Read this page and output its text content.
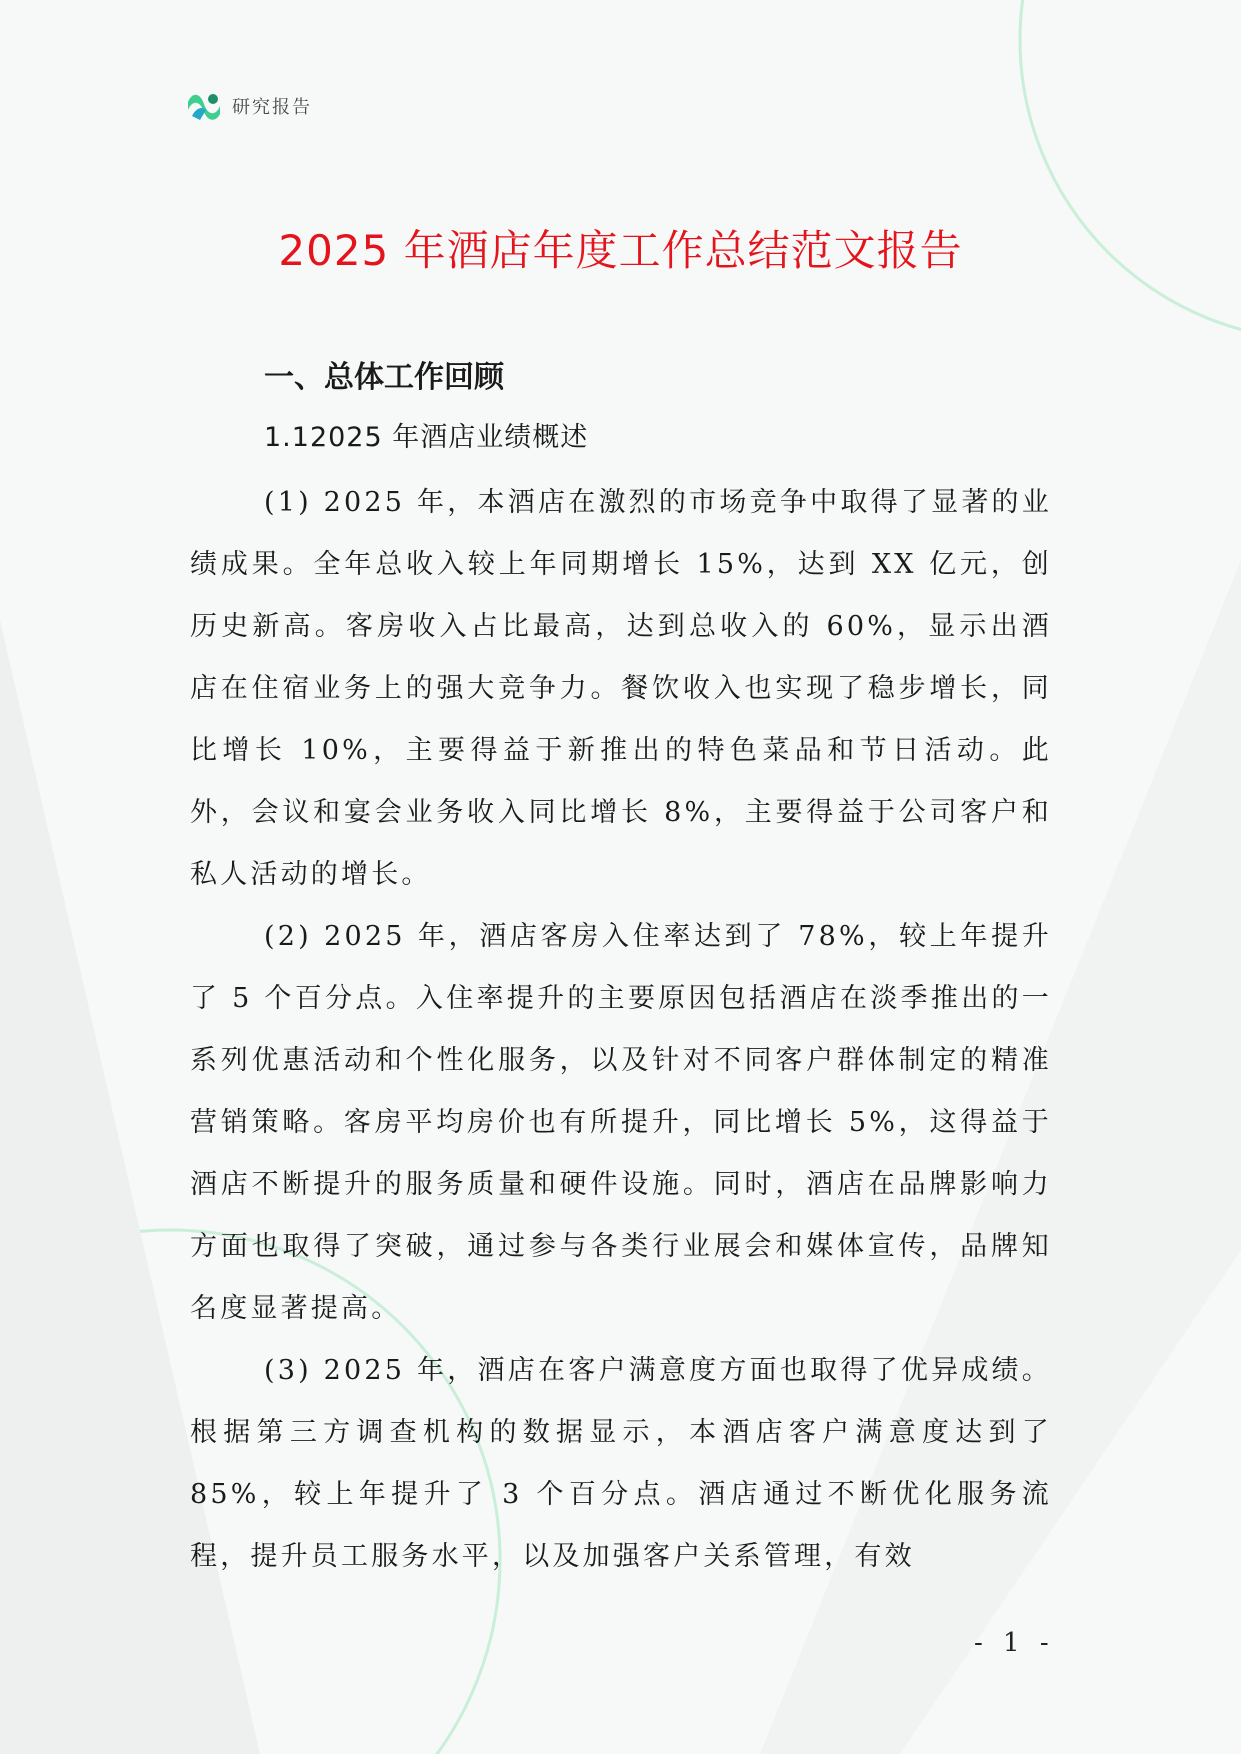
研究报告
2025 年酒店年度工作总结范文报告
一、总体工作回顾
1.12025 年酒店业绩概述

(1) 2025 年，本酒店在激烈的市场竞争中取得了显著的业绩成果。全年总收入较上年同期增长 15%，达到 XX 亿元，创历史新高。客房收入占比最高，达到总收入的 60%，显示出酒店在住宿业务上的强大竞争力。餐饮收入也实现了稳步增长，同比增长 10%，主要得益于新推出的特色菜品和节日活动。此外，会议和宴会业务收入同比增长 8%，主要得益于公司客户和私人活动的增长。

(2) 2025 年，酒店客房入住率达到了 78%，较上年提升了 5 个百分点。入住率提升的主要原因包括酒店在淡季推出的一系列优惠活动和个性化服务，以及针对不同客户群体制定的精准营销策略。客房平均房价也有所提升，同比增长 5%，这得益于酒店不断提升的服务质量和硬件设施。同时，酒店在品牌影响力方面也取得了突破，通过参与各类行业展会和媒体宣传，品牌知名度显著提高。

(3) 2025 年，酒店在客户满意度方面也取得了优异成绩。根据第三方调查机构的数据显示，本酒店客户满意度达到了 85%，较上年提升了 3 个百分点。酒店通过不断优化服务流程，提升员工服务水平，以及加强客户关系管理，有效

- 1 -
